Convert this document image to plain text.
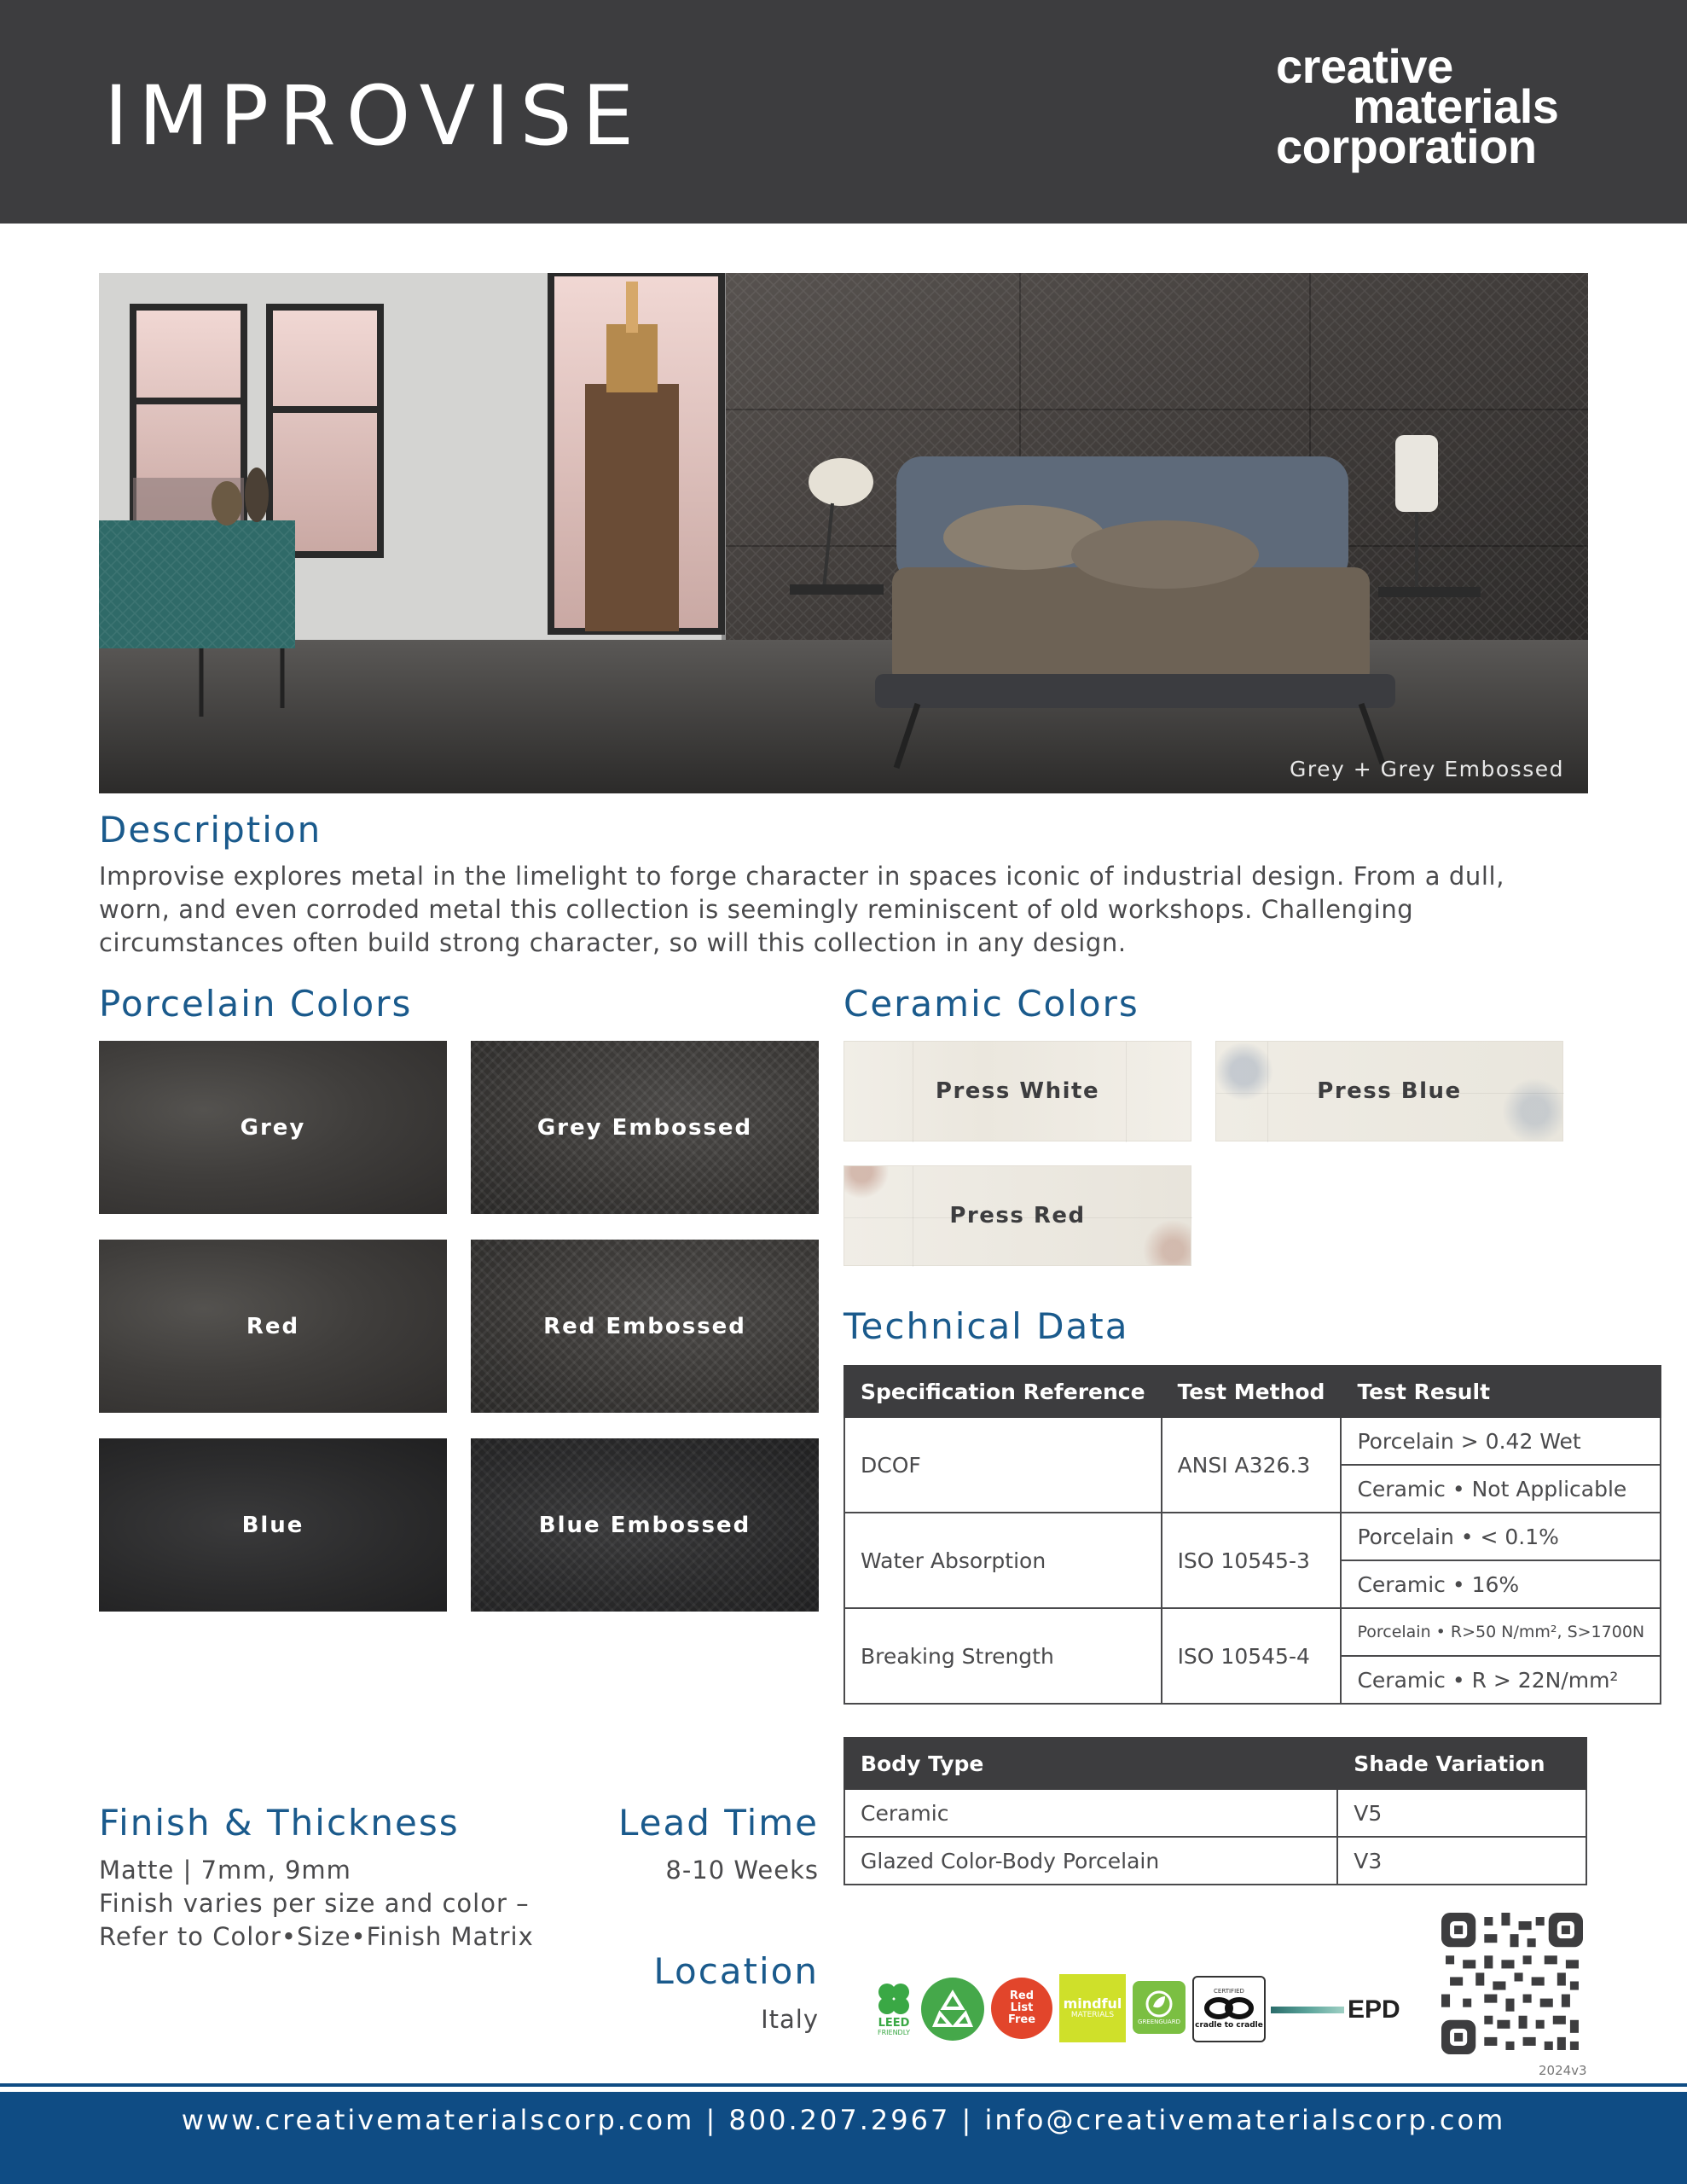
IMPROVISE
creative
materials
corporation
Grey + Grey Embossed
Description
Improvise explores metal in the limelight to forge character in spaces iconic of industrial design. From a dull, worn, and even corroded metal this collection is seemingly reminiscent of old workshops. Challenging circumstances often build strong character, so will this collection in any design.
Porcelain Colors
Grey	Grey Embossed
Red	Red Embossed
Blue	Blue Embossed
Ceramic Colors
Press White	Press Blue
Press Red
Technical Data
Specification Reference	Test Method	Test Result
DCOF	ANSI A326.3	Porcelain > 0.42 Wet
		Ceramic • Not Applicable
Water Absorption	ISO 10545-3	Porcelain • < 0.1%
		Ceramic • 16%
Breaking Strength	ISO 10545-4	Porcelain • R>50 N/mm², S>1700N
		Ceramic • R > 22N/mm²
Body Type	Shade Variation
Ceramic	V5
Glazed Color-Body Porcelain	V3
Finish & Thickness
Matte | 7mm, 9mm
Finish varies per size and color –
Refer to Color•Size•Finish Matrix
Lead Time
8-10 Weeks
Location
Italy	LEED
FRIENDLY
Red List Free
mindful
MATERIALS
GREENGUARD
CERTIFIED
cradle to cradle
EPD
2024v3
www.creativematerialscorp.com | 800.207.2967 | info@creativematerialscorp.com
